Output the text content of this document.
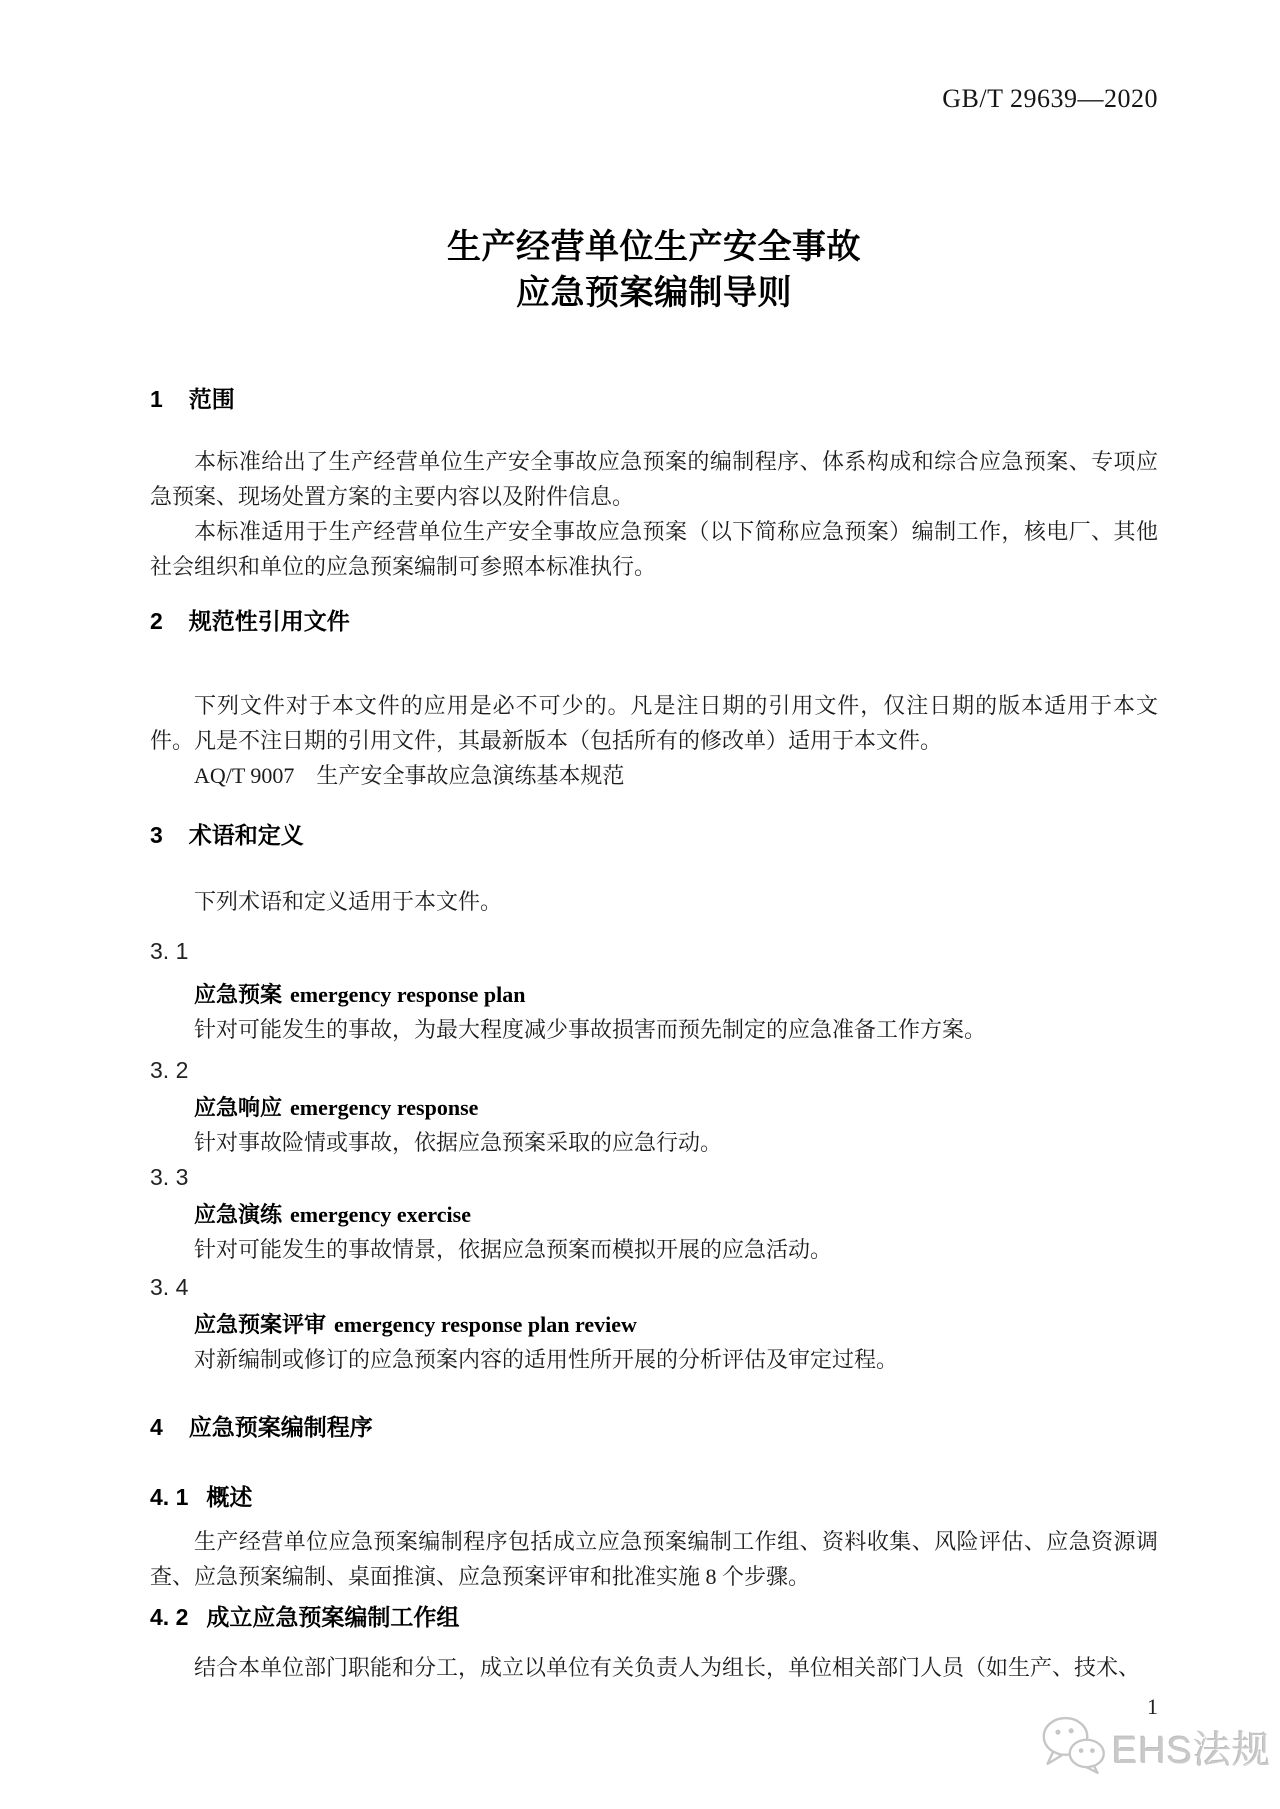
GB/T 29639—2020
生产经营单位生产安全事故
应急预案编制导则
1 范围

本标准给出了生产经营单位生产安全事故应急预案的编制程序、体系构成和综合应急预案、专项应急预案、现场处置方案的主要内容以及附件信息。

本标准适用于生产经营单位生产安全事故应急预案（以下简称应急预案）编制工作，核电厂、其他社会组织和单位的应急预案编制可参照本标准执行。

2 规范性引用文件

下列文件对于本文件的应用是必不可少的。凡是注日期的引用文件，仅注日期的版本适用于本文件。凡是不注日期的引用文件，其最新版本（包括所有的修改单）适用于本文件。

AQ/T 9007　生产安全事故应急演练基本规范

3 术语和定义

下列术语和定义适用于本文件。

3. 1
应急预案 emergency response plan
针对可能发生的事故，为最大程度减少事故损害而预先制定的应急准备工作方案。
3. 2
应急响应 emergency response
针对事故险情或事故，依据应急预案采取的应急行动。
3. 3
应急演练 emergency exercise
针对可能发生的事故情景，依据应急预案而模拟开展的应急活动。
3. 4
应急预案评审 emergency response plan review
对新编制或修订的应急预案内容的适用性所开展的分析评估及审定过程。
4 应急预案编制程序
4. 1 概述

生产经营单位应急预案编制程序包括成立应急预案编制工作组、资料收集、风险评估、应急资源调查、应急预案编制、桌面推演、应急预案评审和批准实施 8 个步骤。

4. 2 成立应急预案编制工作组

结合本单位部门职能和分工，成立以单位有关负责人为组长，单位相关部门人员（如生产、技术、

1
EHS法规
